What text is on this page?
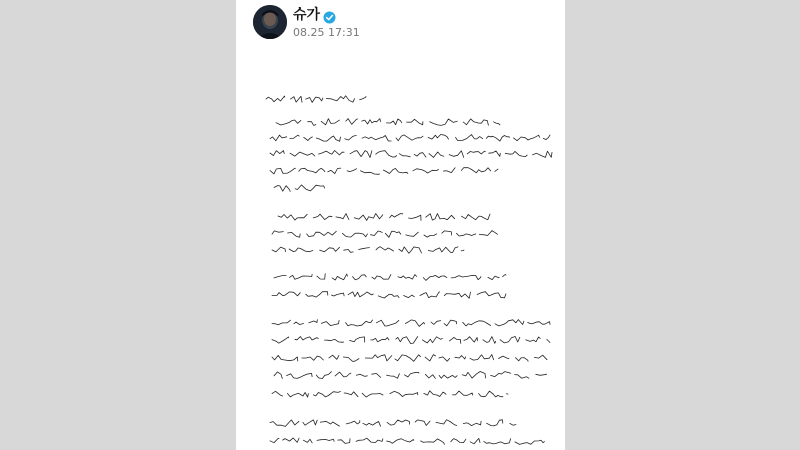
슈가
08.25 17:31
